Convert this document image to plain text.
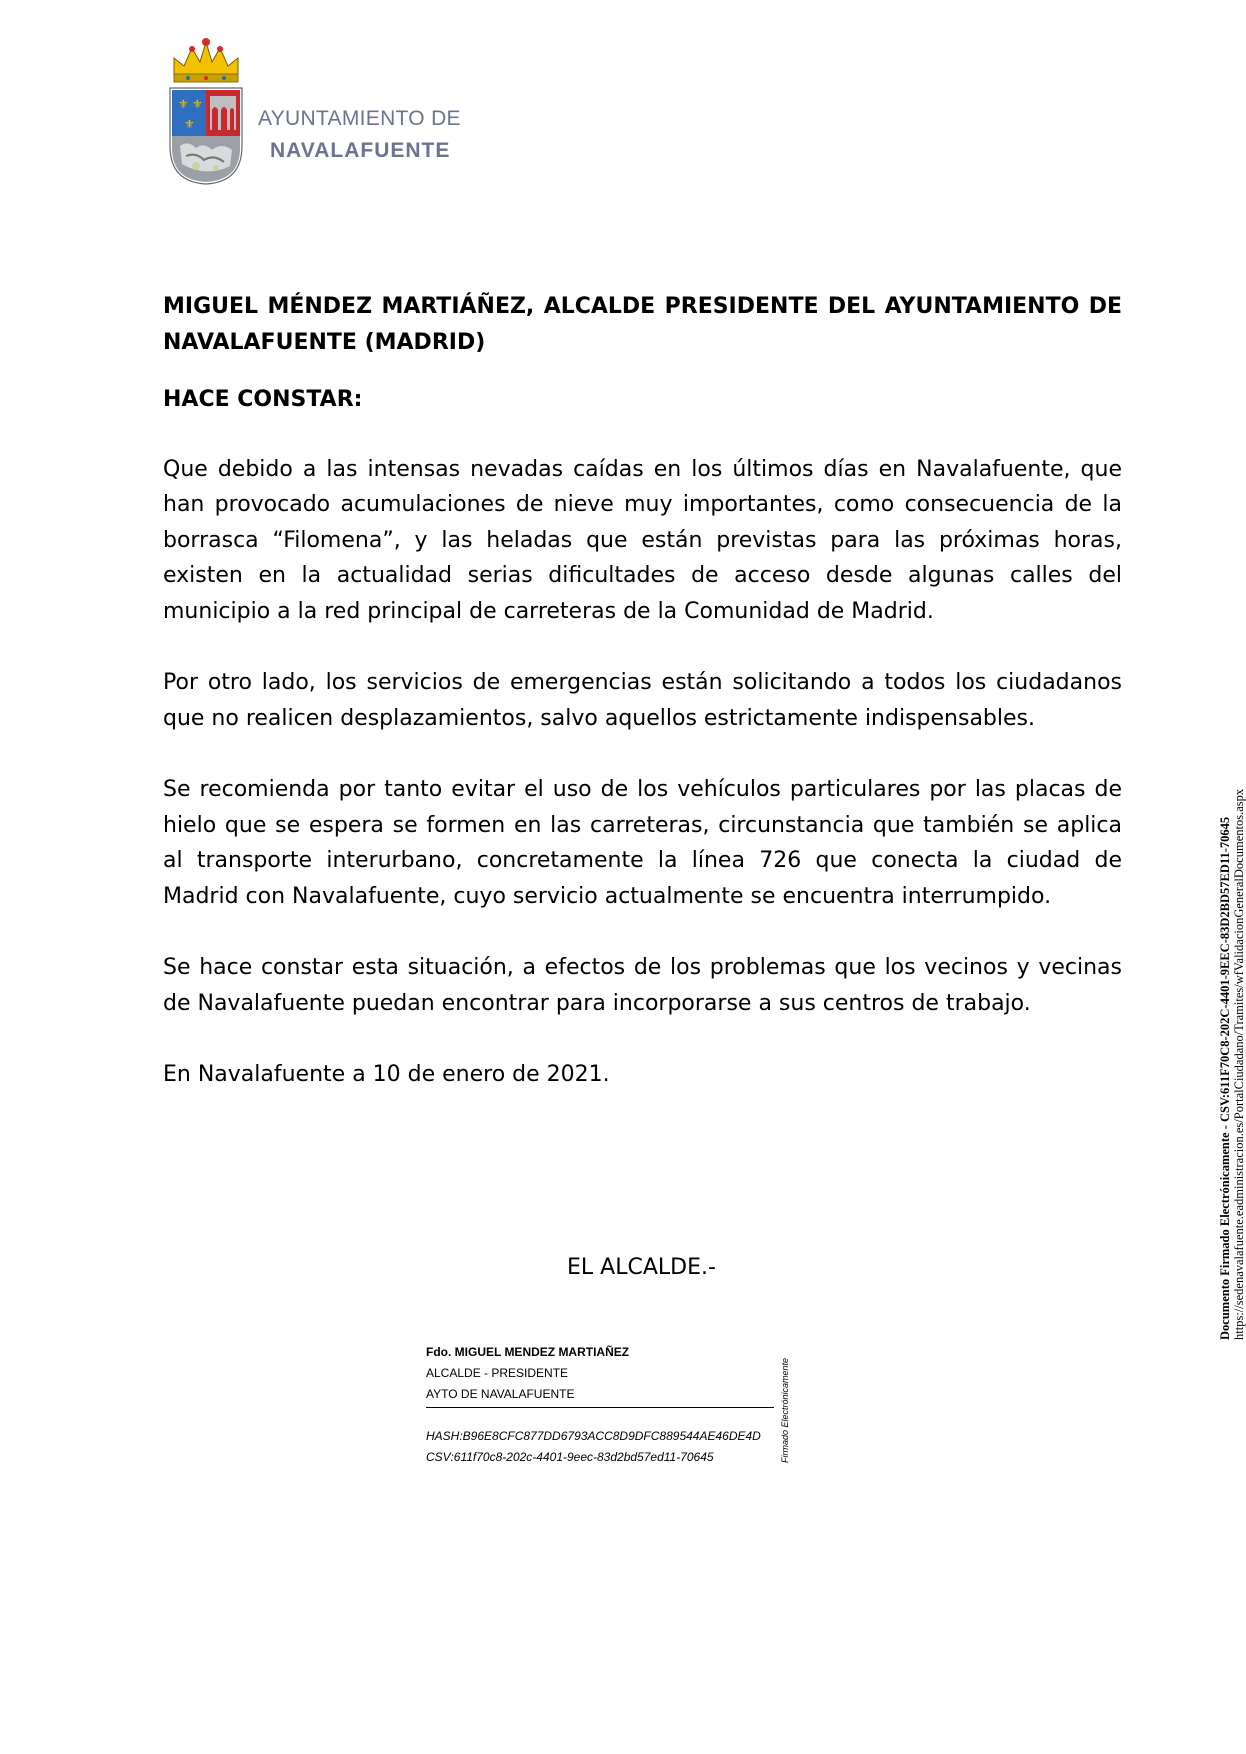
⚜ ⚜
⚜	AYUNTAMIENTO DE
NAVALAFUENTE

MIGUEL MÉNDEZ MARTIÁÑEZ, ALCALDE PRESIDENTE DEL AYUNTAMIENTO DE NAVALAFUENTE (MADRID)

HACE CONSTAR:

Que debido a las intensas nevadas caídas en los últimos días en Navalafuente, que han provocado acumulaciones de nieve muy importantes, como consecuencia de la borrasca “Filomena”, y las heladas que están previstas para las próximas horas, existen en la actualidad serias dificultades de acceso desde algunas calles del municipio a la red principal de carreteras de la Comunidad de Madrid.

Por otro lado, los servicios de emergencias están solicitando a todos los ciudadanos que no realicen desplazamientos, salvo aquellos estrictamente indispensables.

Se recomienda por tanto evitar el uso de los vehículos particulares por las placas de hielo que se espera se formen en las carreteras, circunstancia que también se aplica al transporte interurbano, concretamente la línea 726 que conecta la ciudad de Madrid con Navalafuente, cuyo servicio actualmente se encuentra interrumpido.

Se hace constar esta situación, a efectos de los problemas que los vecinos y vecinas de Navalafuente puedan encontrar para incorporarse a sus centros de trabajo.

En Navalafuente a 10 de enero de 2021.

EL ALCALDE.-
Fdo. MIGUEL MENDEZ MARTIAÑEZ
ALCALDE - PRESIDENTE
AYTO DE NAVALAFUENTE
HASH:B96E8CFC877DD6793ACC8D9DFC889544AE46DE4D
CSV:611f70c8-202c-4401-9eec-83d2bd57ed11-70645	Firmado Electrónicamente
Documento Firmado Electrónicamente - CSV:611F70C8-202C-4401-9EEC-83D2BD57ED11-70645 https://sedenavalafuente.eadministracion.es/PortalCiudadano/Tramites/wfValidacionGeneralDocumentos.aspx
